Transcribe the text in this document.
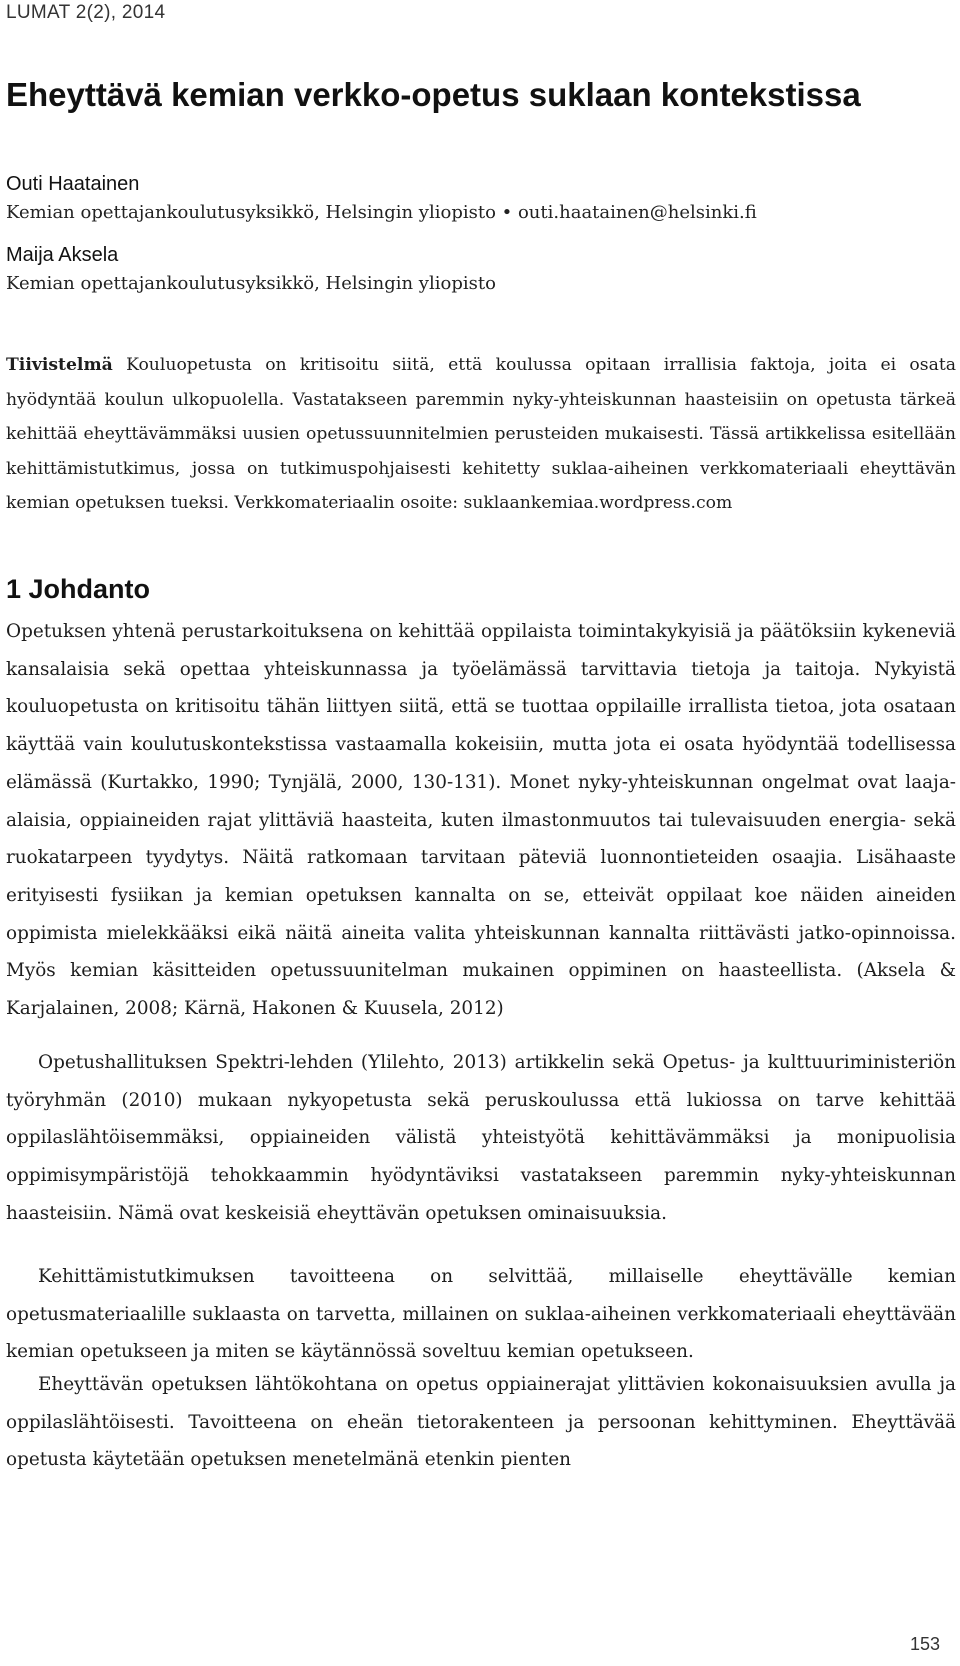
LUMAT 2(2), 2014
Eheyttävä kemian verkko-opetus suklaan kontekstissa
Outi Haatainen
Kemian opettajankoulutusyksikkö, Helsingin yliopisto • outi.haatainen@helsinki.fi
Maija Aksela
Kemian opettajankoulutusyksikkö, Helsingin yliopisto

Tiivistelmä Kouluopetusta on kritisoitu siitä, että koulussa opitaan irrallisia faktoja, joita ei osata hyödyntää koulun ulkopuolella. Vastatakseen paremmin nyky-yhteiskunnan haasteisiin on opetusta tärkeä kehittää eheyttävämmäksi uusien opetussuunnitelmien perusteiden mukaisesti. Tässä artikkelissa esitellään kehittämistutkimus, jossa on tutkimuspohjaisesti kehitetty suklaa-aiheinen verkkomateriaali eheyttävän kemian opetuksen tueksi. Verkkomateriaalin osoite: suklaankemiaa.wordpress.com

1 Johdanto

Opetuksen yhtenä perustarkoituksena on kehittää oppilaista toimintakykyisiä ja päätöksiin kykeneviä kansalaisia sekä opettaa yhteiskunnassa ja työelämässä tarvittavia tietoja ja taitoja. Nykyistä kouluopetusta on kritisoitu tähän liittyen siitä, että se tuottaa oppilaille irrallista tietoa, jota osataan käyttää vain koulutuskontekstissa vastaamalla kokeisiin, mutta jota ei osata hyödyntää todellisessa elämässä (Kurtakko, 1990; Tynjälä, 2000, 130-131). Monet nyky-yhteiskunnan ongelmat ovat laaja-alaisia, oppiaineiden rajat ylittäviä haasteita, kuten ilmastonmuutos tai tulevaisuuden energia- sekä ruokatarpeen tyydytys. Näitä ratkomaan tarvitaan päteviä luonnontieteiden osaajia. Lisähaaste erityisesti fysiikan ja kemian opetuksen kannalta on se, etteivät oppilaat koe näiden aineiden oppimista mielekkääksi eikä näitä aineita valita yhteiskunnan kannalta riittävästi jatko-opinnoissa. Myös kemian käsitteiden opetussuunitelman mukainen oppiminen on haasteellista. (Aksela & Karjalainen, 2008; Kärnä, Hakonen & Kuusela, 2012)

Opetushallituksen Spektri-lehden (Ylilehto, 2013) artikkelin sekä Opetus- ja kulttuuriministeriön työryhmän (2010) mukaan nykyopetusta sekä peruskoulussa että lukiossa on tarve kehittää oppilaslähtöisemmäksi, oppiaineiden välistä yhteistyötä kehittävämmäksi ja monipuolisia oppimisympäristöjä tehokkaammin hyödyntäviksi vastatakseen paremmin nyky-yhteiskunnan haasteisiin. Nämä ovat keskeisiä eheyttävän opetuksen ominaisuuksia.

Kehittämistutkimuksen tavoitteena on selvittää, millaiselle eheyttävälle kemian opetusmateriaalille suklaasta on tarvetta, millainen on suklaa-aiheinen verkkomateriaali eheyttävään kemian opetukseen ja miten se käytännössä soveltuu kemian opetukseen.

Eheyttävän opetuksen lähtökohtana on opetus oppiainerajat ylittävien kokonaisuuksien avulla ja oppilaslähtöisesti. Tavoitteena on eheän tietorakenteen ja persoonan kehittyminen. Eheyttävää opetusta käytetään opetuksen menetelmänä etenkin pienten

153
